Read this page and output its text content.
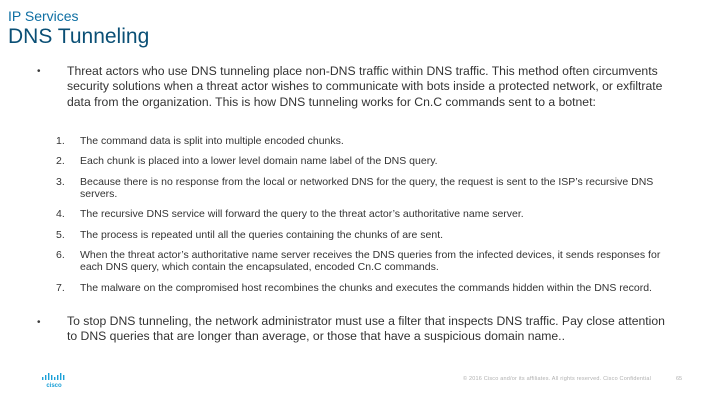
IP Services
DNS Tunneling
• Threat actors who use DNS tunneling place non-DNS traffic within DNS traffic. This method often circumvents security solutions when a threat actor wishes to communicate with bots inside a protected network, or exfiltrate data from the organization. This is how DNS tunneling works for Cn.C commands sent to a botnet:
1. The command data is split into multiple encoded chunks.
2. Each chunk is placed into a lower level domain name label of the DNS query.
3. Because there is no response from the local or networked DNS for the query, the request is sent to the ISP’s recursive DNS servers.
4. The recursive DNS service will forward the query to the threat actor’s authoritative name server.
5. The process is repeated until all the queries containing the chunks of are sent.
6. When the threat actor’s authoritative name server receives the DNS queries from the infected devices, it sends responses for each DNS query, which contain the encapsulated, encoded Cn.C commands.
7. The malware on the compromised host recombines the chunks and executes the commands hidden within the DNS record.
• To stop DNS tunneling, the network administrator must use a filter that inspects DNS traffic. Pay close attention to DNS queries that are longer than average, or those that have a suspicious domain name..
cisco
© 2016 Cisco and/or its affiliates. All rights reserved. Cisco Confidential	65
